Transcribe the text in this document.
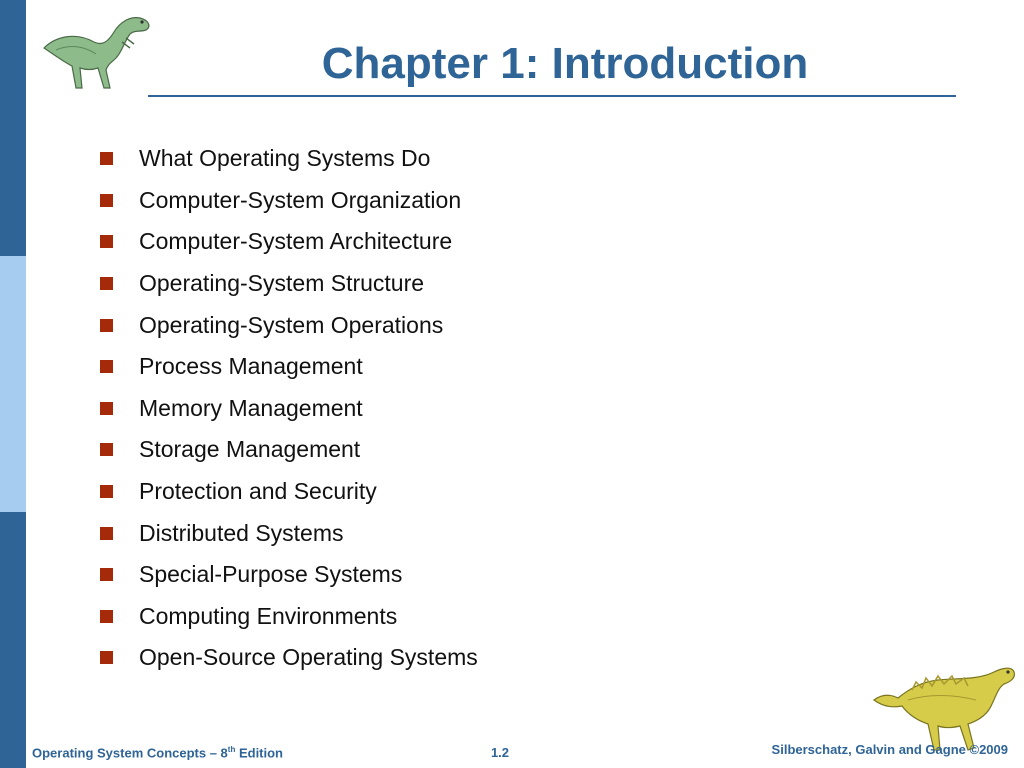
Chapter 1: Introduction
What Operating Systems Do
Computer-System Organization
Computer-System Architecture
Operating-System Structure
Operating-System Operations
Process Management
Memory Management
Storage Management
Protection and Security
Distributed Systems
Special-Purpose Systems
Computing Environments
Open-Source Operating Systems
Operating System Concepts – 8th Edition	1.2	Silberschatz, Galvin and Gagne ©2009
